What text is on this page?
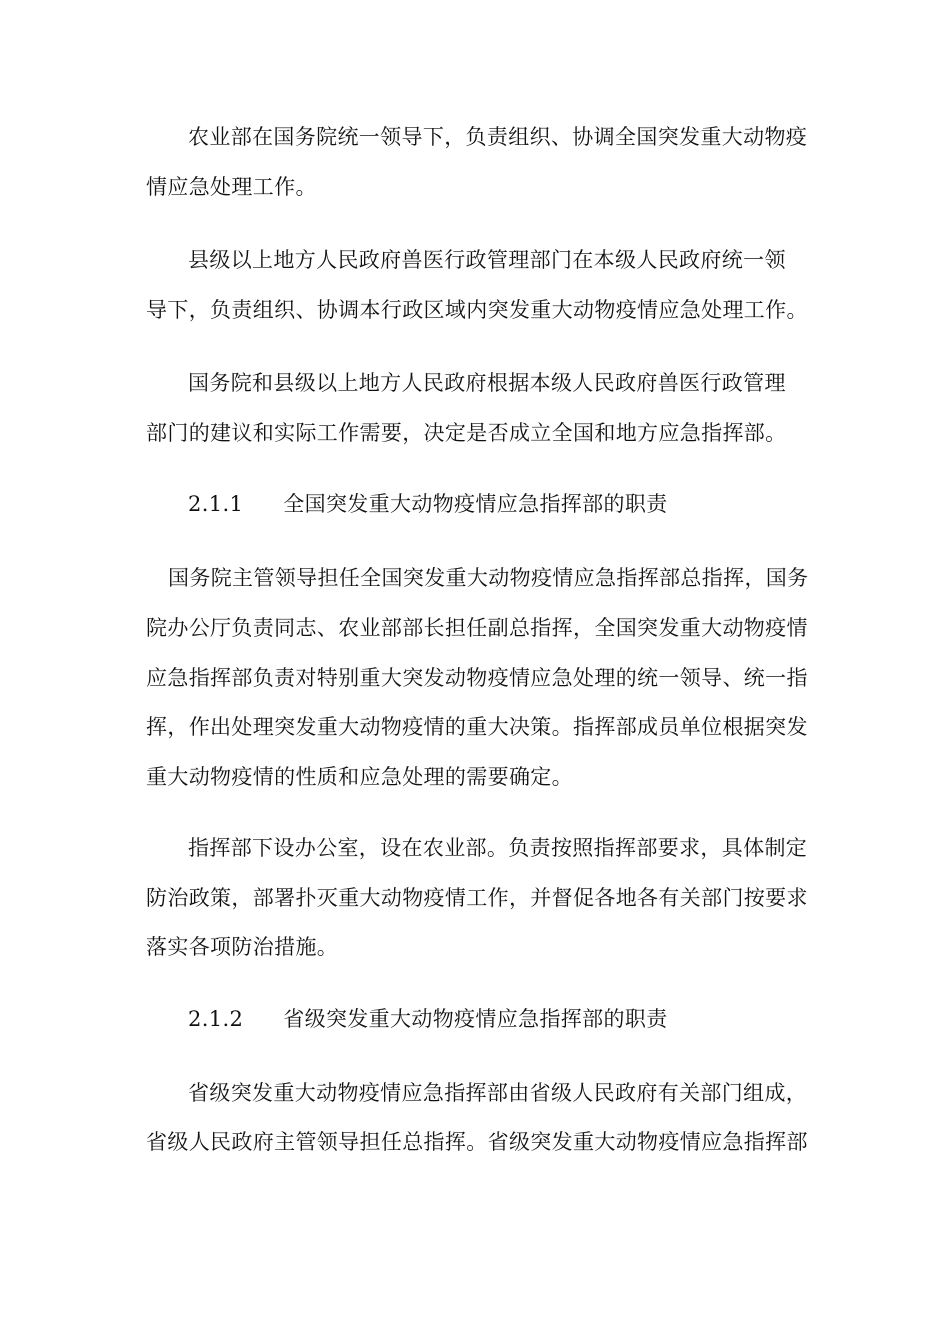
农业部在国务院统一领导下，负责组织、协调全国突发重大动物疫
情应急处理工作。
县级以上地方人民政府兽医行政管理部门在本级人民政府统一领
导下，负责组织、协调本行政区域内突发重大动物疫情应急处理工作。
国务院和县级以上地方人民政府根据本级人民政府兽医行政管理
部门的建议和实际工作需要，决定是否成立全国和地方应急指挥部。
2.1.1 全国突发重大动物疫情应急指挥部的职责
国务院主管领导担任全国突发重大动物疫情应急指挥部总指挥，国务
院办公厅负责同志、农业部部长担任副总指挥，全国突发重大动物疫情
应急指挥部负责对特别重大突发动物疫情应急处理的统一领导、统一指
挥，作出处理突发重大动物疫情的重大决策。指挥部成员单位根据突发
重大动物疫情的性质和应急处理的需要确定。
指挥部下设办公室，设在农业部。负责按照指挥部要求，具体制定
防治政策，部署扑灭重大动物疫情工作，并督促各地各有关部门按要求
落实各项防治措施。
2.1.2 省级突发重大动物疫情应急指挥部的职责
省级突发重大动物疫情应急指挥部由省级人民政府有关部门组成，
省级人民政府主管领导担任总指挥。省级突发重大动物疫情应急指挥部
